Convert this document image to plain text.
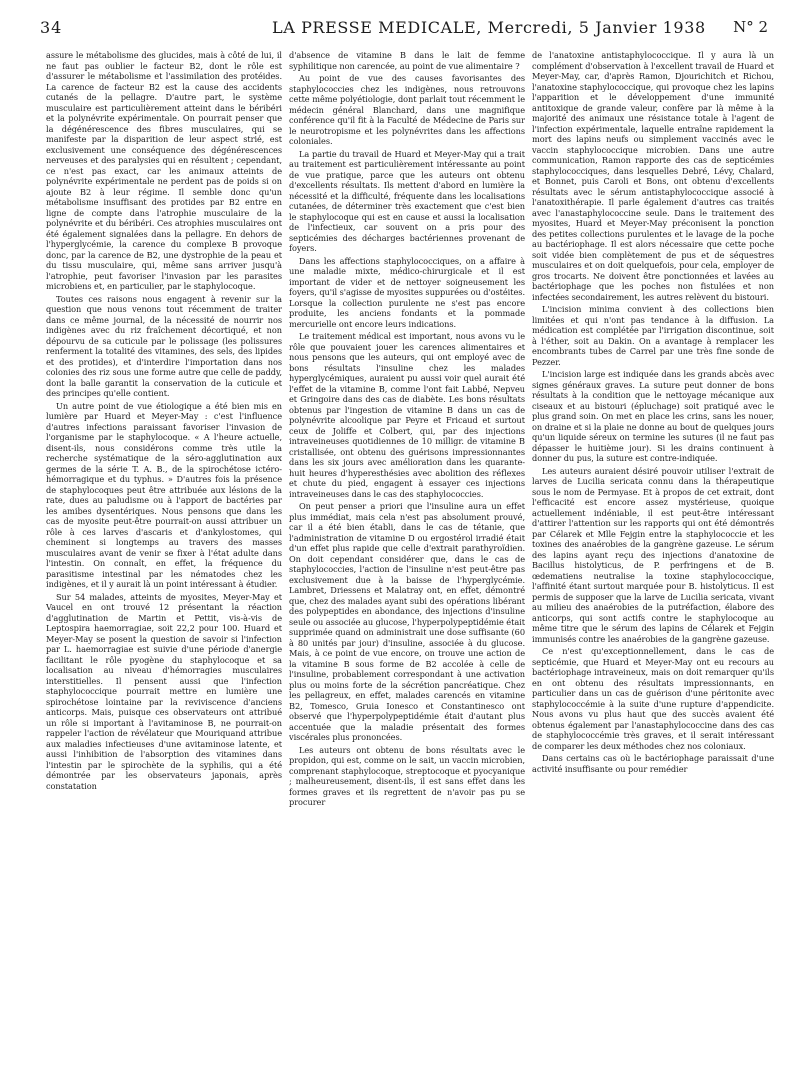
34	LA PRESSE MEDICALE, Mercredi, 5 Janvier 1938 N° 2

assure le métabolisme des glucides, mais à côté de lui, il ne faut pas oublier le facteur B2, dont le rôle est d'assurer le métabolisme et l'assimilation des protéides. La carence de facteur B2 est la cause des accidents cutanés de la pellagre. D'autre part, le système musculaire est particulièrement atteint dans le béribéri et la polynévrite expérimentale. On pourrait penser que la dégénérescence des fibres musculaires, qui se manifeste par la disparition de leur aspect strié, est exclusivement une conséquence des dégénérescences nerveuses et des paralysies qui en résultent ; cependant, ce n'est pas exact, car les animaux atteints de polynévrite expérimentale ne perdent pas de poids si on ajoute B2 à leur régime. Il semble donc qu'un métabolisme insuffisant des protides par B2 entre en ligne de compte dans l'atrophie musculaire de la polynévrite et du béribéri. Ces atrophies musculaires ont été également signalées dans la pellagre. En dehors de l'hyperglycémie, la carence du complexe B provoque donc, par la carence de B2, une dystrophie de la peau et du tissu musculaire, qui, même sans arriver jusqu'à l'atrophie, peut favoriser l'invasion par les parasites microbiens et, en particulier, par le staphylocoque.

Toutes ces raisons nous engagent à revenir sur la question que nous venons tout récemment de traiter dans ce même journal, de la nécessité de nourrir nos indigènes avec du riz fraîchement décortiqué, et non dépourvu de sa cuticule par le polissage (les polissures renferment la totalité des vitamines, des sels, des lipides et des protides), et d'interdire l'importation dans nos colonies des riz sous une forme autre que celle de paddy, dont la balle garantit la conservation de la cuticule et des principes qu'elle contient.

Un autre point de vue étiologique a été bien mis en lumière par Huard et Meyer-May : c'est l'influence d'autres infections paraissant favoriser l'invasion de l'organisme par le staphylocoque. « A l'heure actuelle, disent-ils, nous considérons comme très utile la recherche systématique de la séro-agglutination aux germes de la série T. A. B., de la spirochétose ictéro-hémorragique et du typhus. » D'autres fois la présence de staphylocoques peut être attribuée aux lésions de la rate, dues au paludisme ou à l'apport de bactéries par les amibes dysentériques. Nous pensons que dans les cas de myosite peut-être pourrait-on aussi attribuer un rôle à ces larves d'ascaris et d'ankylostomes, qui cheminent si longtemps au travers des masses musculaires avant de venir se fixer à l'état adulte dans l'intestin. On connaît, en effet, la fréquence du parasitisme intestinal par les nématodes chez les indigènes, et il y aurait là un point intéressant à étudier.

Sur 54 malades, atteints de myosites, Meyer-May et Vaucel en ont trouvé 12 présentant la réaction d'agglutination de Martin et Pettit, vis-à-vis de Leptospira haemorragiae, soit 22,2 pour 100. Huard et Meyer-May se posent la question de savoir si l'infection par L. haemorragiae est suivie d'une période d'anergie facilitant le rôle pyogène du staphylocoque et sa localisation au niveau d'hémorragies musculaires interstitielles. Il pensent aussi que l'infection staphylococcique pourrait mettre en lumière une spirochétose lointaine par la reviviscence d'anciens anticorps. Mais, puisque ces observateurs ont attribué un rôle si important à l'avitaminose B, ne pourrait-on rappeler l'action de révélateur que Mouriquand attribue aux maladies infectieuses d'une avitaminose latente, et aussi l'inhibition de l'absorption des vitamines dans l'intestin par le spirochète de la syphilis, qui a été démontrée par les observateurs japonais, après constatation

d'absence de vitamine B dans le lait de femme syphilitique non carencée, au point de vue alimentaire ?

Au point de vue des causes favorisantes des staphylococcies chez les indigènes, nous retrouvons cette même polyétiologie, dont parlait tout récemment le médecin général Blanchard, dans une magnifique conférence qu'il fit à la Faculté de Médecine de Paris sur le neurotropisme et les polynévrites dans les affections coloniales.

La partie du travail de Huard et Meyer-May qui a trait au traitement est particulièrement intéressante au point de vue pratique, parce que les auteurs ont obtenu d'excellents résultats. Ils mettent d'abord en lumière la nécessité et la difficulté, fréquente dans les localisations cutanées, de déterminer très exactement que c'est bien le staphylocoque qui est en cause et aussi la localisation de l'infectieux, car souvent on a pris pour des septicémies des décharges bactériennes provenant de foyers.

Dans les affections staphylococciques, on a affaire à une maladie mixte, médico-chirurgicale et il est important de vider et de nettoyer soigneusement les foyers, qu'il s'agisse de myosites suppurées ou d'ostéites. Lorsque la collection purulente ne s'est pas encore produite, les anciens fondants et la pommade mercurielle ont encore leurs indications.

Le traitement médical est important, nous avons vu le rôle que pouvaient jouer les carences alimentaires et nous pensons que les auteurs, qui ont employé avec de bons résultats l'insuline chez les malades hyperglycémiques, auraient pu aussi voir quel aurait été l'effet de la vitamine B, comme l'ont fait Labbé, Nepveu et Gringoire dans des cas de diabète. Les bons résultats obtenus par l'ingestion de vitamine B dans un cas de polynévrite alcoolique par Peyre et Fricaud et surtout ceux de Joliffe et Colbert, qui, par des injections intraveineuses quotidiennes de 10 milligr. de vitamine B cristallisée, ont obtenu des guérisons impressionnantes dans les six jours avec amélioration dans les quarante-huit heures d'hyperesthésies avec abolition des réflexes et chute du pied, engagent à essayer ces injections intraveineuses dans le cas des staphylococcies.

On peut penser a priori que l'insuline aura un effet plus immédiat, mais cela n'est pas absolument prouvé, car il a été bien établi, dans le cas de tétanie, que l'administration de vitamine D ou ergostérol irradié était d'un effet plus rapide que celle d'extrait parathyroïdien. On doit cependant considérer que, dans le cas de staphylococcies, l'action de l'insuline n'est peut-être pas exclusivement due à la baisse de l'hyperglycémie. Lambret, Driessens et Malatray ont, en effet, démontré que, chez des malades ayant subi des opérations libérant des polypeptides en abondance, des injections d'insuline seule ou associée au glucose, l'hyperpolypeptidémie était supprimée quand on administrait une dose suffisante (60 à 80 unités par jour) d'insuline, associée à du glucose. Mais, à ce point de vue encore, on trouve une action de la vitamine B sous forme de B2 accolée à celle de l'insuline, probablement correspondant à une activation plus ou moins forte de la sécrétion pancréatique. Chez les pellagreux, en effet, malades carencés en vitamine B2, Tomesco, Gruia Ionesco et Constantinesco ont observé que l'hyperpolypeptidémie était d'autant plus accentuée que la maladie présentait des formes viscérales plus prononcées.

Les auteurs ont obtenu de bons résultats avec le propidon, qui est, comme on le sait, un vaccin microbien, comprenant staphylocoque, streptocoque et pyocyanique ; malheureusement, disent-ils, il est sans effet dans les formes graves et ils regrettent de n'avoir pas pu se procurer

de l'anatoxine antistaphylococcique. Il y aura là un complément d'observation à l'excellent travail de Huard et Meyer-May, car, d'après Ramon, Djourichitch et Richou, l'anatoxine staphylococcique, qui provoque chez les lapins l'apparition et le développement d'une immunité antitoxique de grande valeur, confère par là même à la majorité des animaux une résistance totale à l'agent de l'infection expérimentale, laquelle entraîne rapidement la mort des lapins neufs ou simplement vaccinés avec le vaccin staphylococcique microbien. Dans une autre communication, Ramon rapporte des cas de septicémies staphylococciques, dans lesquelles Debré, Lévy, Chalard, et Bonnet, puis Caroli et Bons, ont obtenu d'excellents résultats avec le sérum antistaphylococcique associé à l'anatoxithérapie. Il parle également d'autres cas traités avec l'anastaphylococcine seule. Dans le traitement des myosites, Huard et Meyer-May préconisent la ponction des petites collections purulentes et le lavage de la poche au bactériophage. Il est alors nécessaire que cette poche soit vidée bien complètement de pus et de séquestres musculaires et on doit quelquefois, pour cela, employer de gros trocarts. Ne doivent être ponctionnées et lavées au bactériophage que les poches non fistulées et non infectées secondairement, les autres relèvent du bistouri.

L'incision minima convient à des collections bien limitées et qui n'ont pas tendance à la diffusion. La médication est complétée par l'irrigation discontinue, soit à l'éther, soit au Dakin. On a avantage à remplacer les encombrants tubes de Carrel par une très fine sonde de Pezzer.

L'incision large est indiquée dans les grands abcès avec signes généraux graves. La suture peut donner de bons résultats à la condition que le nettoyage mécanique aux ciseaux et au bistouri (épluchage) soit pratiqué avec le plus grand soin. On met en place les crins, sans les nouer, on draine et si la plaie ne donne au bout de quelques jours qu'un liquide séreux on termine les sutures (il ne faut pas dépasser le huitième jour). Si les drains continuent à donner du pus, la suture est contre-indiquée.

Les auteurs auraient désiré pouvoir utiliser l'extrait de larves de Lucilia sericata connu dans la thérapeutique sous le nom de Permyase. Et à propos de cet extrait, dont l'efficacité est encore assez mystérieuse, quoique actuellement indéniable, il est peut-être intéressant d'attirer l'attention sur les rapports qui ont été démontrés par Célarek et Mlle Fejgin entre la staphylococcie et les toxines des anaérobies de la gangrène gazeuse. Le sérum des lapins ayant reçu des injections d'anatoxine de Bacillus histolyticus, de P. perfringens et de B. œdematiens neutralise la toxine staphylococcique, l'affinité étant surtout marquée pour B. histolyticus. Il est permis de supposer que la larve de Lucilia sericata, vivant au milieu des anaérobies de la putréfaction, élabore des anticorps, qui sont actifs contre le staphylocoque au même titre que le sérum des lapins de Célarek et Fejgin immunisés contre les anaérobies de la gangrène gazeuse.

Ce n'est qu'exceptionnellement, dans le cas de septicémie, que Huard et Meyer-May ont eu recours au bactériophage intraveineux, mais on doit remarquer qu'ils en ont obtenu des résultats impressionnants, en particulier dans un cas de guérison d'une péritonite avec staphylococcémie à la suite d'une rupture d'appendicite. Nous avons vu plus haut que des succès avaient été obtenus également par l'anastaphylococcine dans des cas de staphylococcémie très graves, et il serait intéressant de comparer les deux méthodes chez nos coloniaux.

Dans certains cas où le bactériophage paraissait d'une activité insuffisante ou pour remédier
